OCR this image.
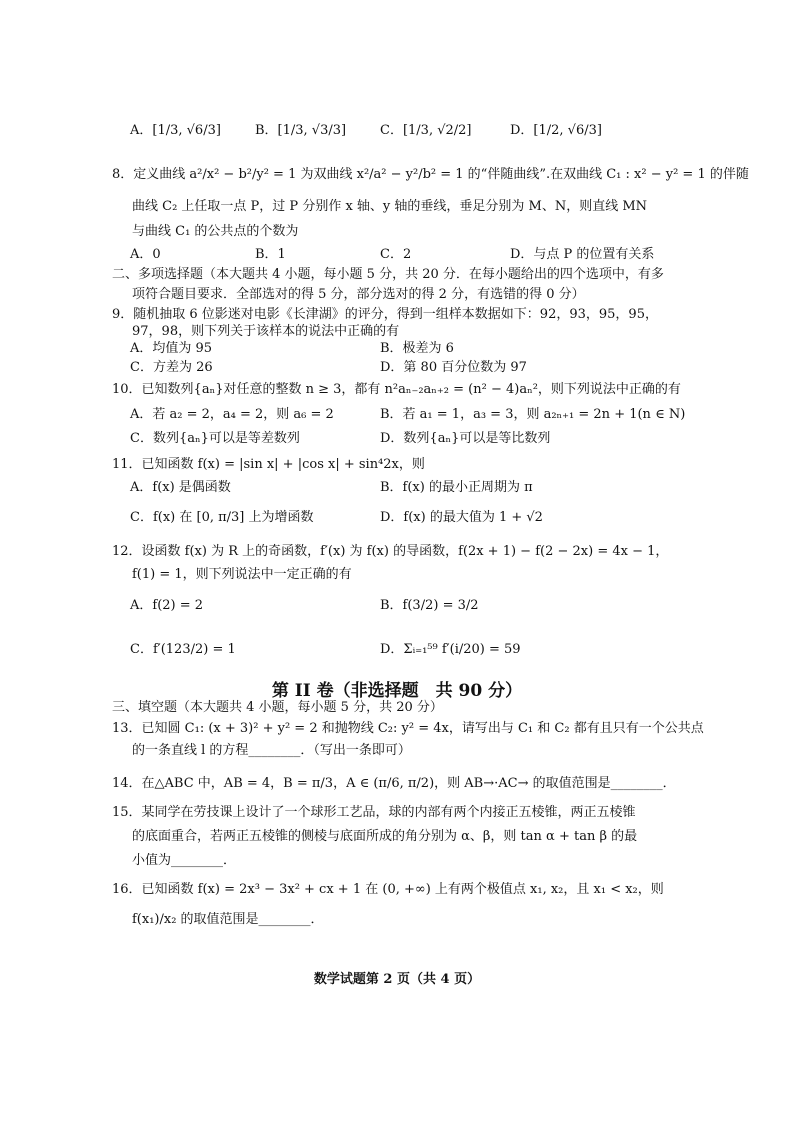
A．[1/3, √6/3]	B．[1/3, √3/3]	C．[1/3, √2/2]	D．[1/2, √6/3]
8．定义曲线 a²/x² − b²/y² = 1 为双曲线 x²/a² − y²/b² = 1 的“伴随曲线”.在双曲线 C₁ : x² − y² = 1 的伴随
曲线 C₂ 上任取一点 P，过 P 分别作 x 轴、y 轴的垂线，垂足分别为 M、N，则直线 MN
与曲线 C₁ 的公共点的个数为
A．0	B．1	C．2	D．与点 P 的位置有关系
二、多项选择题（本大题共 4 小题，每小题 5 分，共 20 分．在每小题给出的四个选项中，有多
项符合题目要求．全部选对的得 5 分，部分选对的得 2 分，有选错的得 0 分）
9．随机抽取 6 位影迷对电影《长津湖》的评分，得到一组样本数据如下：92，93，95，95，
97，98，则下列关于该样本的说法中正确的有
A．均值为 95	B．极差为 6
C．方差为 26	D．第 80 百分位数为 97
10．已知数列{aₙ}对任意的整数 n ≥ 3，都有 n²aₙ₋₂aₙ₊₂ = (n² − 4)aₙ²，则下列说法中正确的有
A．若 a₂ = 2，a₄ = 2，则 a₆ = 2	B．若 a₁ = 1，a₃ = 3，则 a₂ₙ₊₁ = 2n + 1(n ∈ N)
C．数列{aₙ}可以是等差数列	D．数列{aₙ}可以是等比数列
11．已知函数 f(x) = |sin x| + |cos x| + sin⁴2x，则
A．f(x) 是偶函数	B．f(x) 的最小正周期为 π
C．f(x) 在 [0, π/3] 上为增函数	D．f(x) 的最大值为 1 + √2
12．设函数 f(x) 为 R 上的奇函数，f′(x) 为 f(x) 的导函数，f(2x + 1) − f(2 − 2x) = 4x − 1，
f(1) = 1，则下列说法中一定正确的有
A．f(2) = 2	B．f(3/2) = 3/2
C．f′(123/2) = 1	D．Σᵢ₌₁⁵⁹ f′(i/20) = 59
第 II 卷（非选择题　共 90 分）
三、填空题（本大题共 4 小题，每小题 5 分，共 20 分）
13．已知圆 C₁: (x + 3)² + y² = 2 和抛物线 C₂: y² = 4x，请写出与 C₁ 和 C₂ 都有且只有一个公共点
的一条直线 l 的方程________．（写出一条即可）
14．在△ABC 中，AB = 4，B = π/3，A ∈ (π/6, π/2)，则 AB→·AC→ 的取值范围是________．
15．某同学在劳技课上设计了一个球形工艺品，球的内部有两个内接正五棱锥，两正五棱锥
的底面重合，若两正五棱锥的侧棱与底面所成的角分别为 α、β，则 tan α + tan β 的最
小值为________．
16．已知函数 f(x) = 2x³ − 3x² + cx + 1 在 (0, +∞) 上有两个极值点 x₁, x₂，且 x₁ < x₂，则
f(x₁)/x₂ 的取值范围是________．
数学试题第 2 页（共 4 页）
